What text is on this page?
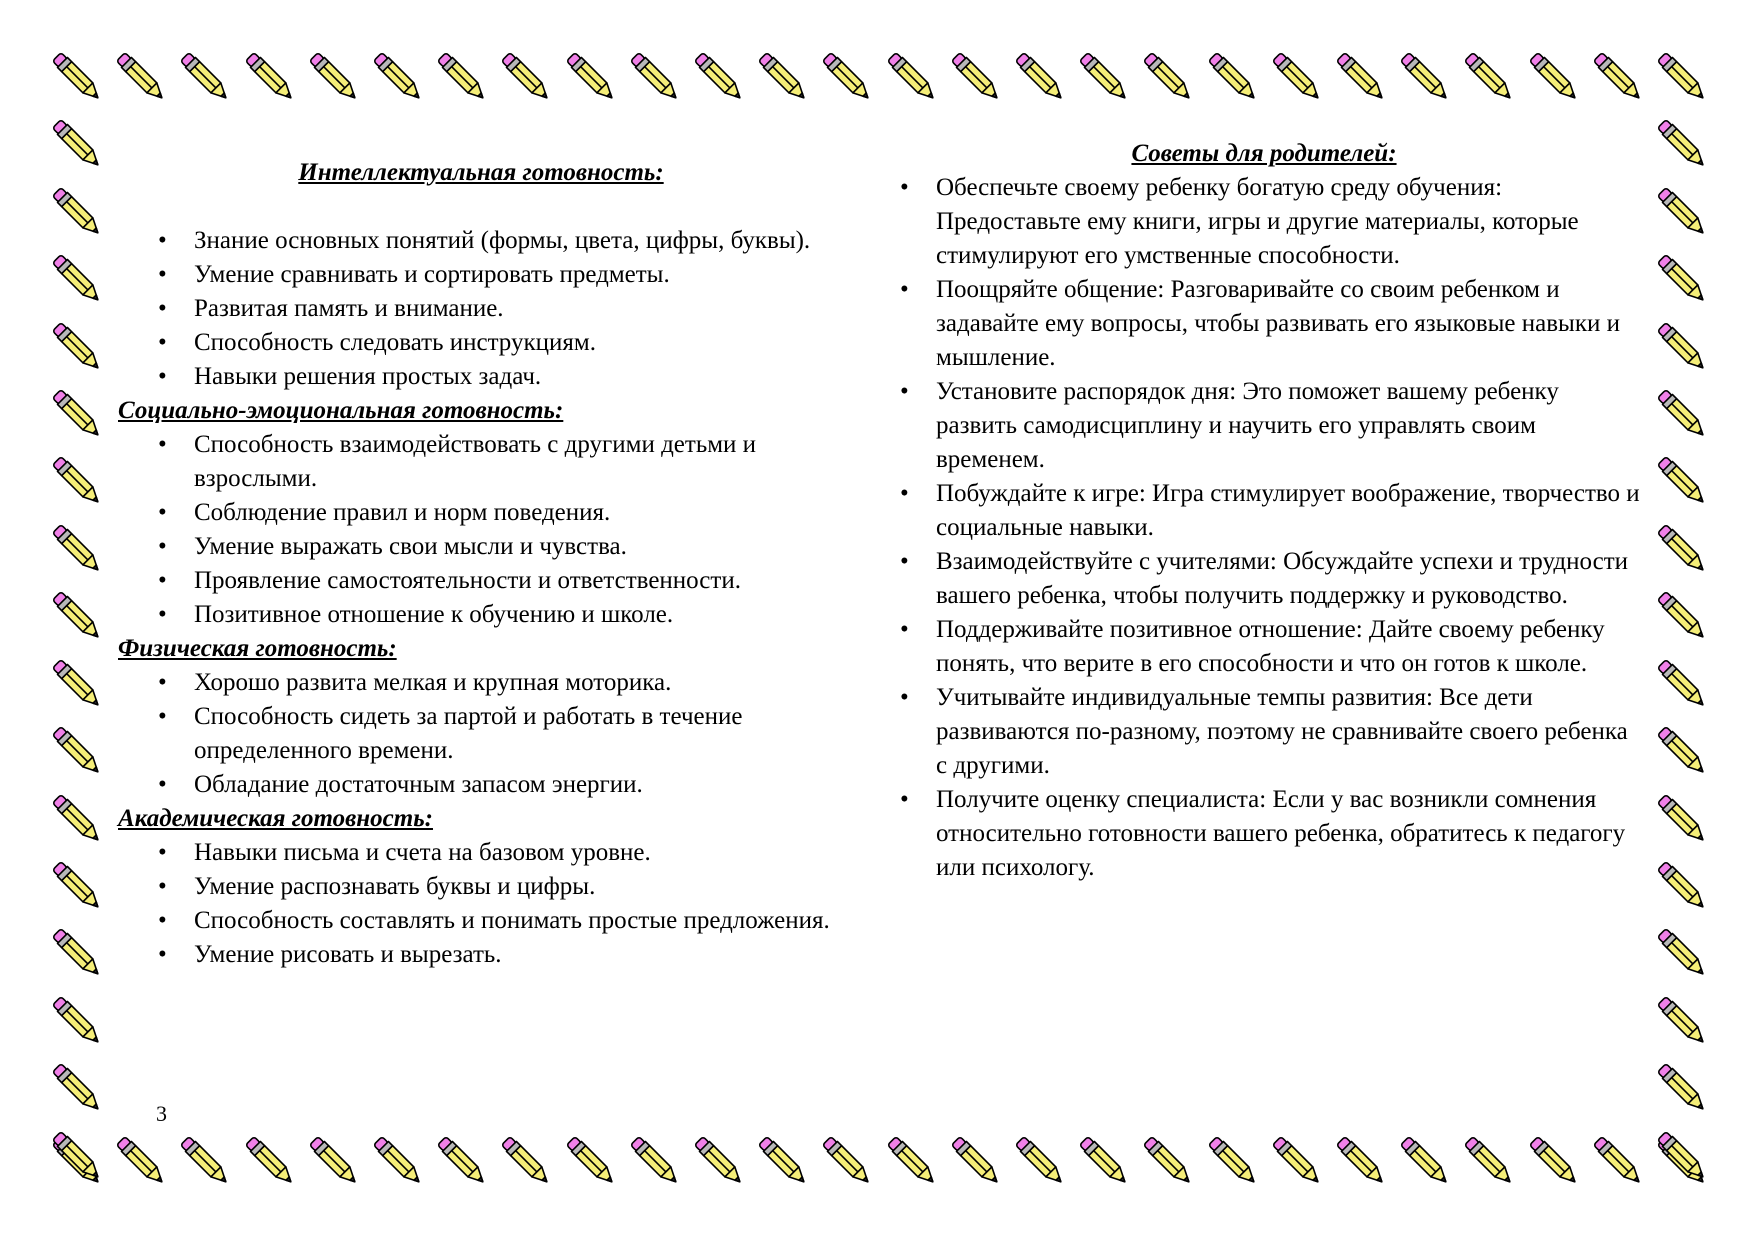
Интеллектуальная готовность:

• Знание основных понятий (формы, цвета, цифры, буквы).
• Умение сравнивать и сортировать предметы.
• Развитая память и внимание.
• Способность следовать инструкциям.
• Навыки решения простых задач.

Социально-эмоциональная готовность:

• Способность взаимодействовать с другими детьми и взрослыми.
• Соблюдение правил и норм поведения.
• Умение выражать свои мысли и чувства.
• Проявление самостоятельности и ответственности.
• Позитивное отношение к обучению и школе.

Физическая готовность:

• Хорошо развита мелкая и крупная моторика.
• Способность сидеть за партой и работать в течение определенного времени.
• Обладание достаточным запасом энергии.

Академическая готовность:

• Навыки письма и счета на базовом уровне.
• Умение распознавать буквы и цифры.
• Способность составлять и понимать простые предложения.
• Умение рисовать и вырезать.

Советы для родителей:

• Обеспечьте своему ребенку богатую среду обучения: Предоставьте ему книги, игры и другие материалы, которые стимулируют его умственные способности.
• Поощряйте общение: Разговаривайте со своим ребенком и задавайте ему вопросы, чтобы развивать его языковые навыки и мышление.
• Установите распорядок дня: Это поможет вашему ребенку развить самодисциплину и научить его управлять своим временем.
• Побуждайте к игре: Игра стимулирует воображение, творчество и социальные навыки.
• Взаимодействуйте с учителями: Обсуждайте успехи и трудности вашего ребенка, чтобы получить поддержку и руководство.
• Поддерживайте позитивное отношение: Дайте своему ребенку понять, что верите в его способности и что он готов к школе.
• Учитывайте индивидуальные темпы развития: Все дети развиваются по-разному, поэтому не сравнивайте своего ребенка с другими.
• Получите оценку специалиста: Если у вас возникли сомнения относительно готовности вашего ребенка, обратитесь к педагогу или психологу.
3
